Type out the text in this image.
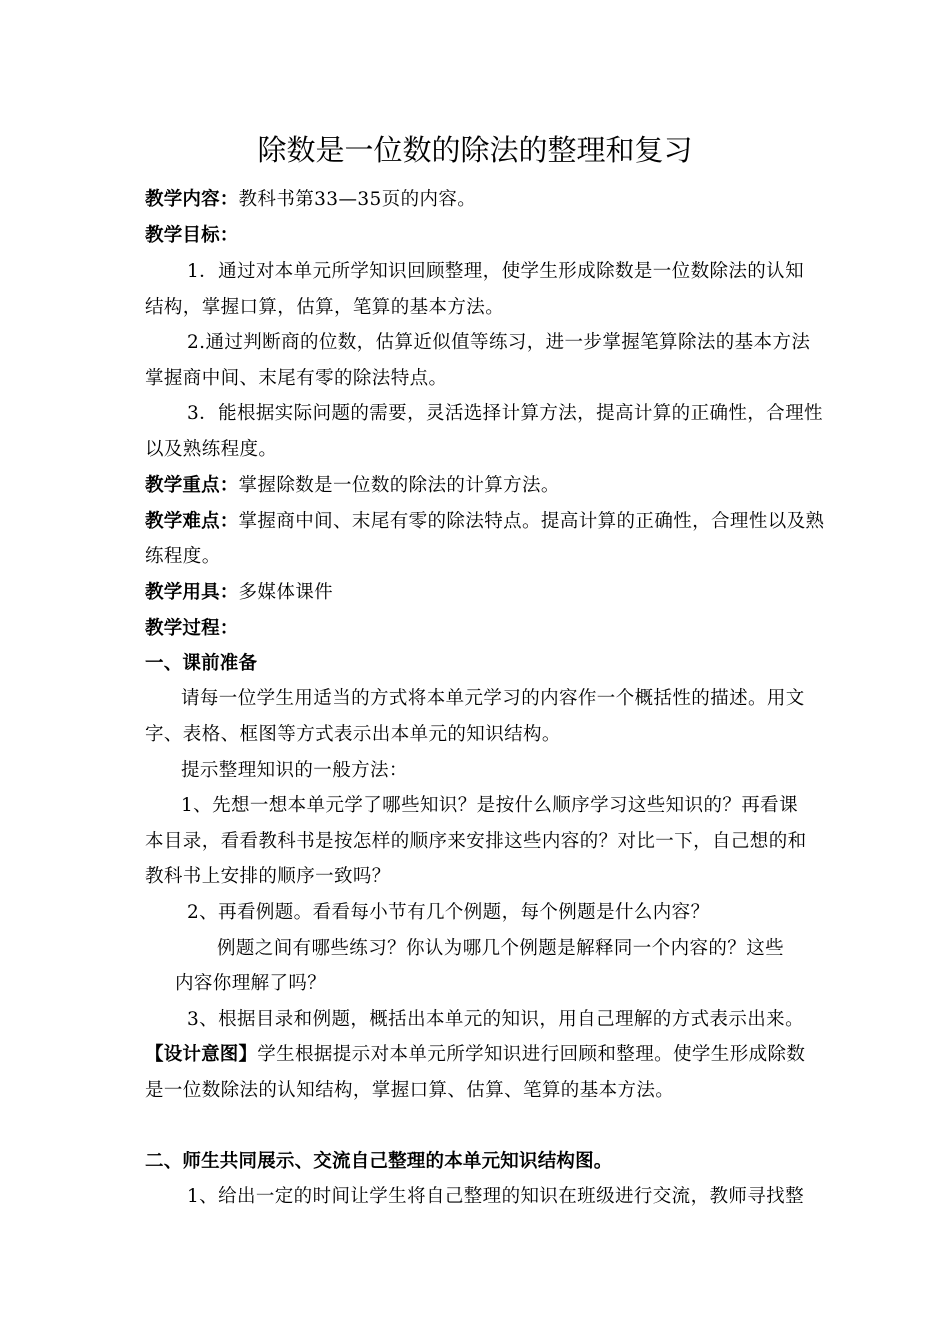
除数是一位数的除法的整理和复习
教学内容：教科书第33—35页的内容。
教学目标：
1．通过对本单元所学知识回顾整理，使学生形成除数是一位数除法的认知
结构，掌握口算，估算，笔算的基本方法。
2.通过判断商的位数，估算近似值等练习，进一步掌握笔算除法的基本方法
掌握商中间、末尾有零的除法特点。
3．能根据实际问题的需要，灵活选择计算方法，提高计算的正确性，合理性
以及熟练程度。
教学重点：掌握除数是一位数的除法的计算方法。
教学难点：掌握商中间、末尾有零的除法特点。提高计算的正确性，合理性以及熟
练程度。
教学用具：多媒体课件
教学过程：
一、课前准备
请每一位学生用适当的方式将本单元学习的内容作一个概括性的描述。用文
字、表格、框图等方式表示出本单元的知识结构。
提示整理知识的一般方法：
1、先想一想本单元学了哪些知识？是按什么顺序学习这些知识的？再看课
本目录，看看教科书是按怎样的顺序来安排这些内容的？对比一下，自己想的和
教科书上安排的顺序一致吗？
2、再看例题。看看每小节有几个例题，每个例题是什么内容？
例题之间有哪些练习？你认为哪几个例题是解释同一个内容的？这些
内容你理解了吗？
3、根据目录和例题，概括出本单元的知识，用自己理解的方式表示出来。
【设计意图】学生根据提示对本单元所学知识进行回顾和整理。使学生形成除数
是一位数除法的认知结构，掌握口算、估算、笔算的基本方法。
二、师生共同展示、交流自己整理的本单元知识结构图。
1、给出一定的时间让学生将自己整理的知识在班级进行交流，教师寻找整
